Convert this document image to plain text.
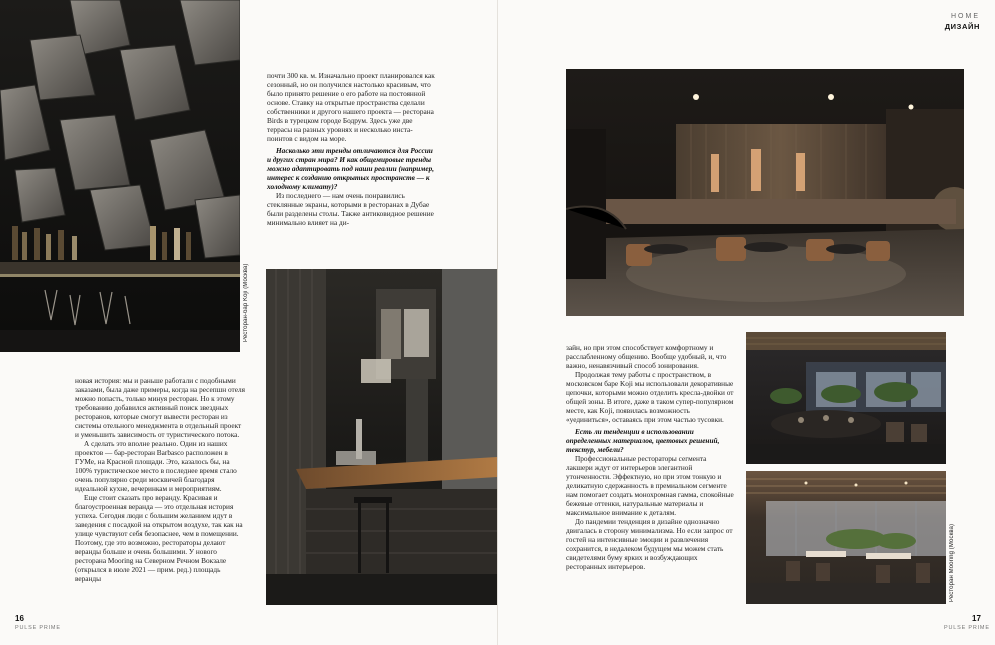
Ресторан-бар Koji (Москва)

почти 300 кв. м. Изначально проект планировался как сезонный, но он получился настолько красивым, что было принято решение о его работе на постоянной основе. Ставку на открытые пространства сделали собственники и другого нашего проекта — ресторана Birds в турецком городе Бодрум. Здесь уже две террасы на разных уровнях и несколько инста-поинтов с видом на море.

Насколько эти тренды отличаются для России и других стран мира? И как общемировые тренды можно адаптировать под наши реалии (например, интерес к созданию открытых пространств — к холодному климату)?

Из последнего — нам очень понравились стеклянные экраны, которыми в ресторанах в Дубае были разделены столы. Также антиковидное решение минимально влияет на ди-

новая история: мы и раньше работали с подобными заказами, была даже примеры, когда на ресепшн отеля можно попасть, только минуя ресторан. Но к этому требованию добавился активный поиск звездных ресторанов, которые смогут вывести ресторан из системы отельного менеджмента в отдельный проект и уменьшить зависимость от туристического потока.

А сделать это вполне реально. Один из наших проектов — бар-ресторан Barbasco расположен в ГУМе, на Красной площади. Это, казалось бы, на 100% туристическое место в последнее время стало очень популярно среди москвичей благодаря идеальной кухне, вечеринкам и мероприятиям.

Еще стоит сказать про веранду. Красивая и благоустроенная веранда — это отдельная история успеха. Сегодня люди с большим желанием идут в заведения с посадкой на открытом воздухе, так как на улице чувствуют себя безопаснее, чем в помещении. Поэтому, где это возможно, рестораторы делают веранды больше и очень большими. У нового ресторана Mooring на Северном Речном Вокзале (открылся в июле 2021 — прим. ред.) площадь веранды

16
PULSE PRIME
HOME
ДИЗАЙН

зайн, но при этом способствует комфортному и расслабленному общению. Вообще удобный, и, что важно, ненавязчивый способ зонирования.

Продолжая тему работы с пространством, в московском баре Koji мы использовали декоративные цепочки, которыми можно отделить кресла-двойки от общей зоны. В итоге, даже в таком супер-популярном месте, как Koji, появилась возможность «уединиться», оставаясь при этом частью тусовки.

Есть ли тенденции в использовании определенных материалов, цветовых решений, текстур, мебели?

Профессиональные рестораторы сегмента лакшери ждут от интерьеров элегантной утонченности. Эффектную, но при этом тонкую и деликатную сдержанность в премиальном сегменте нам помогает создать монохромная гамма, спокойные бежевые оттенки, натуральные материалы и максимальное внимание к деталям.

До пандемии тенденция в дизайне однозначно двигалась в сторону минимализма. Но если запрос от гостей на интенсивные эмоции и развлечения сохранится, в недалеком будущем мы можем стать свидетелями буму ярких и возбуждающих ресторанных интерьеров.	Ресторан Mooring (Москва)
17
PULSE PRIME
